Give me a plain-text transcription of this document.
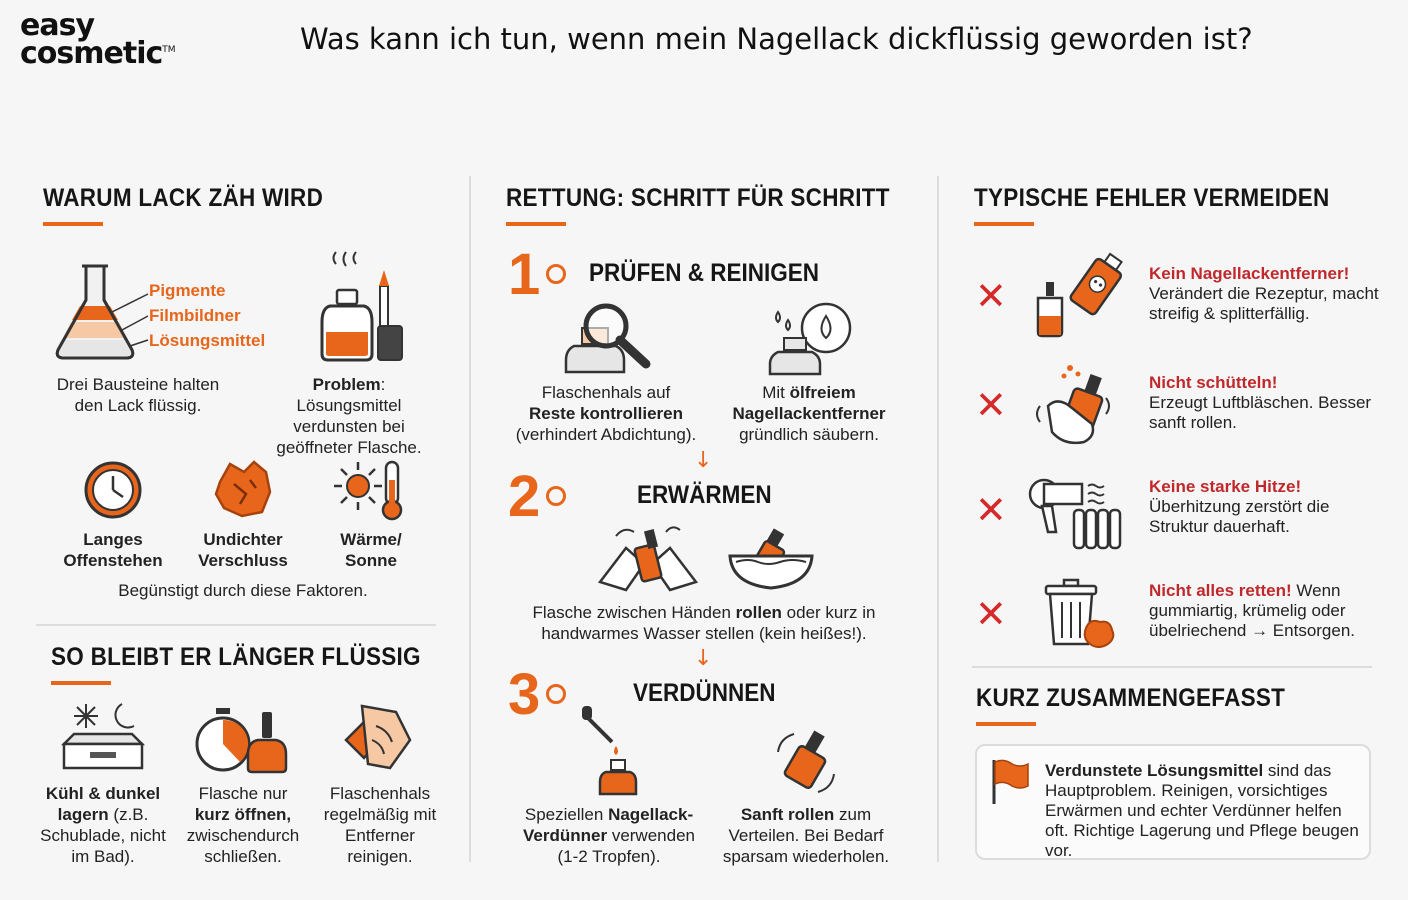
easy
cosmetic™	Was kann ich tun, wenn mein Nagellack dickflüssig geworden ist?
WARUM LACK ZÄH WIRD
Pigmente
Filmbildner
Lösungsmittel
Drei Bausteine halten den Lack flüssig.
Problem: Lösungsmittel verdunsten bei geöffneter Flasche.
Langes Offenstehen
Undichter Verschluss
Wärme/ Sonne
Begünstigt durch diese Faktoren.
SO BLEIBT ER LÄNGER FLÜSSIG
Kühl & dunkel lagern (z.B. Schublade, nicht im Bad).
Flasche nur kurz öffnen, zwischendurch schließen.
Flaschenhals regelmäßig mit Entferner reinigen.
RETTUNG: SCHRITT FÜR SCHRITT
1 PRÜFEN & REINIGEN
Flaschenhals auf
Reste kontrollieren
(verhindert Abdichtung).
Mit ölfreiem Nagellackentferner
gründlich säubern.
↓
2	ERWÄRMEN
Flasche zwischen Händen rollen oder kurz in handwarmes Wasser stellen (kein heißes!).
↓
3	VERDÜNNEN
Speziellen Nagellack-Verdünner verwenden (1-2 Tropfen).
Sanft rollen zum Verteilen. Bei Bedarf sparsam wiederholen.
TYPISCHE FEHLER VERMEIDEN
✕
Kein Nagellackentferner!
Verändert die Rezeptur, macht streifig & splitterfällig.
✕
Nicht schütteln!
Erzeugt Luftbläschen. Besser sanft rollen.
✕
Keine starke Hitze!
Überhitzung zerstört die Struktur dauerhaft.
✕
Nicht alles retten! Wenn gummiartig, krümelig oder übelriechend → Entsorgen.
KURZ ZUSAMMENGEFASST
Verdunstete Lösungsmittel sind das Hauptproblem. Reinigen, vorsichtiges Erwärmen und echter Verdünner helfen oft. Richtige Lagerung und Pflege beugen vor.
